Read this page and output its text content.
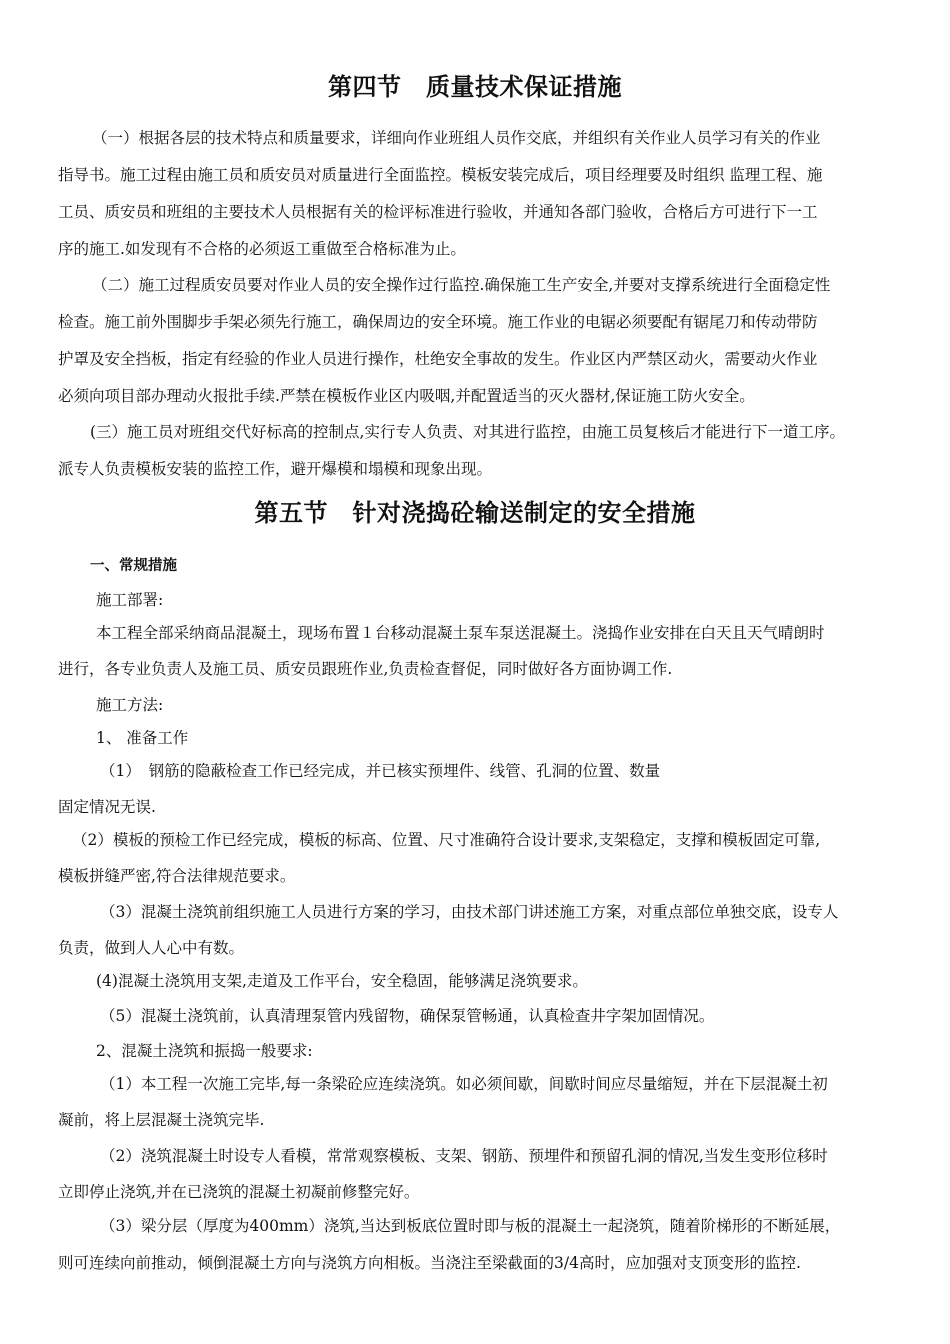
第四节　质量技术保证措施
（一）根据各层的技术特点和质量要求，详细向作业班组人员作交底，并组织有关作业人员学习有关的作业
指导书。施工过程由施工员和质安员对质量进行全面监控。模板安装完成后，项目经理要及时组织 监理工程、施
工员、质安员和班组的主要技术人员根据有关的检评标准进行验收，并通知各部门验收，合格后方可进行下一工
序的施工.如发现有不合格的必须返工重做至合格标准为止。
（二）施工过程质安员要对作业人员的安全操作过行监控.确保施工生产安全,并要对支撑系统进行全面稳定性
检查。施工前外围脚步手架必须先行施工，确保周边的安全环境。施工作业的电锯必须要配有锯尾刀和传动带防
护罩及安全挡板，指定有经验的作业人员进行操作，杜绝安全事故的发生。作业区内严禁区动火，需要动火作业
必须向项目部办理动火报批手续.严禁在模板作业区内吸咽,并配置适当的灭火器材,保证施工防火安全。
(三）施工员对班组交代好标高的控制点,实行专人负责、对其进行监控，由施工员复核后才能进行下一道工序。
派专人负责模板安装的监控工作，避开爆模和塌模和现象出现。
第五节　针对浇捣砼输送制定的安全措施
一、常规措施
施工部署:
本工程全部采纳商品混凝土，现场布置１台移动混凝土泵车泵送混凝土。浇捣作业安排在白天且天气晴朗时
进行，各专业负责人及施工员、质安员跟班作业,负责检查督促，同时做好各方面协调工作.
施工方法:
1、 准备工作
（1）　钢筋的隐蔽检查工作已经完成，并已核实预埋件、线管、孔洞的位置、数量
固定情况无误.
（2）模板的预检工作已经完成，模板的标高、位置、尺寸准确符合设计要求,支架稳定，支撑和模板固定可靠,
模板拼缝严密,符合法律规范要求。
（3）混凝土浇筑前组织施工人员进行方案的学习，由技术部门讲述施工方案，对重点部位单独交底，设专人
负责，做到人人心中有数。
(4)混凝土浇筑用支架,走道及工作平台，安全稳固，能够满足浇筑要求。
（5）混凝土浇筑前，认真清理泵管内残留物，确保泵管畅通，认真检查井字架加固情况。
2、混凝土浇筑和振捣一般要求:
（1）本工程一次施工完毕,每一条梁砼应连续浇筑。如必须间歇，间歇时间应尽量缩短，并在下层混凝土初
凝前，将上层混凝土浇筑完毕.
（2）浇筑混凝土时设专人看模，常常观察模板、支架、钢筋、预埋件和预留孔洞的情况,当发生变形位移时
立即停止浇筑,并在已浇筑的混凝土初凝前修整完好。
（3）梁分层（厚度为400mm）浇筑,当达到板底位置时即与板的混凝土一起浇筑，随着阶梯形的不断延展，
则可连续向前推动，倾倒混凝土方向与浇筑方向相板。当浇注至梁截面的3/4高时，应加强对支顶变形的监控.
